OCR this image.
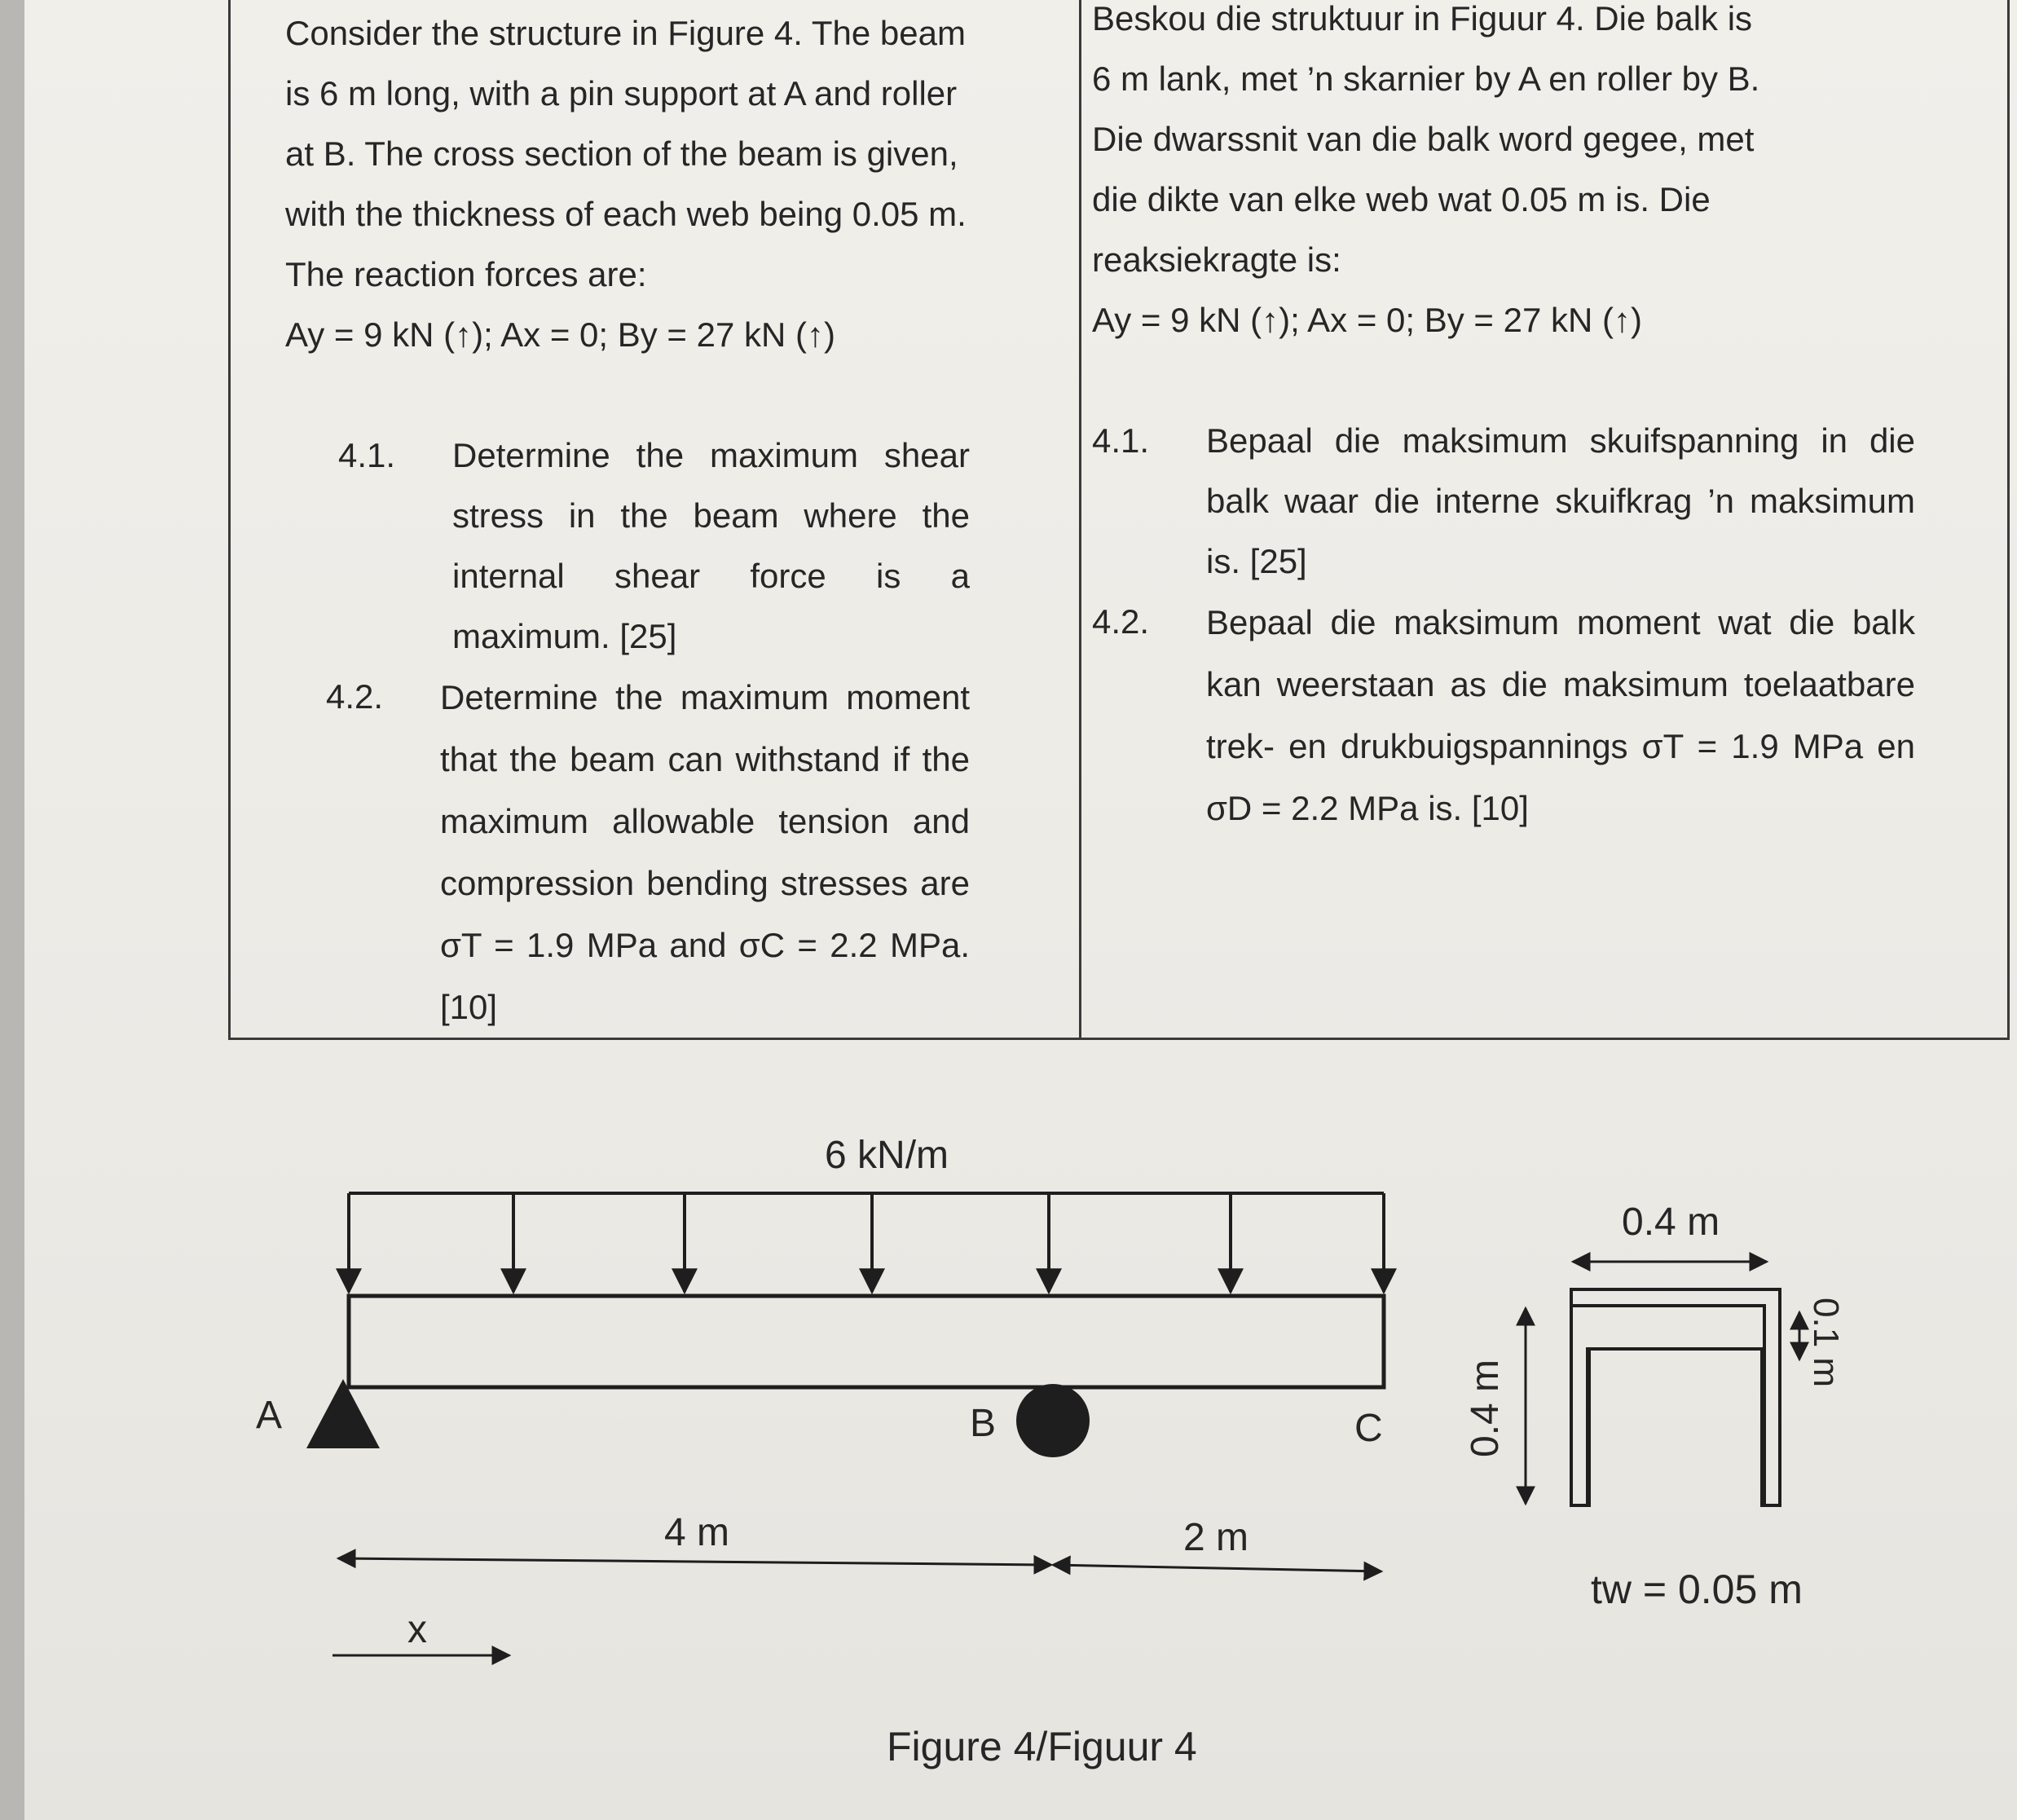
Consider the structure in Figure 4. The beam
is 6 m long, with a pin support at A and roller
at B. The cross section of the beam is given,
with the thickness of each web being 0.05 m.
The reaction forces are:
Ay = 9 kN (↑); Ax = 0; By = 27 kN (↑)
4.1.	Determine the maximum shear stress in the beam where the internal shear force is a maximum. [25]
4.2.	Determine the maximum moment that the beam can withstand if the maximum allowable tension and compression bending stresses are σT = 1.9 MPa and σC = 2.2 MPa. [10]
Beskou die struktuur in Figuur 4. Die balk is
6 m lank, met ’n skarnier by A en roller by B.
Die dwarssnit van die balk word gegee, met
die dikte van elke web wat 0.05 m is. Die
reaksiekragte is:
Ay = 9 kN (↑); Ax = 0; By = 27 kN (↑)
4.1.	Bepaal die maksimum skuifspanning in die balk waar die interne skuifkrag ’n maksimum is. [25]
4.2.	Bepaal die maksimum moment wat die balk kan weerstaan as die maksimum toelaatbare trek- en drukbuigspannings σT = 1.9 MPa en σD = 2.2 MPa is. [10]
6 kN/m
A	B	C
4 m	2 m
x
0.4 m
0.4 m
0.1 m
tw = 0.05 m
Figure 4/Figuur 4
